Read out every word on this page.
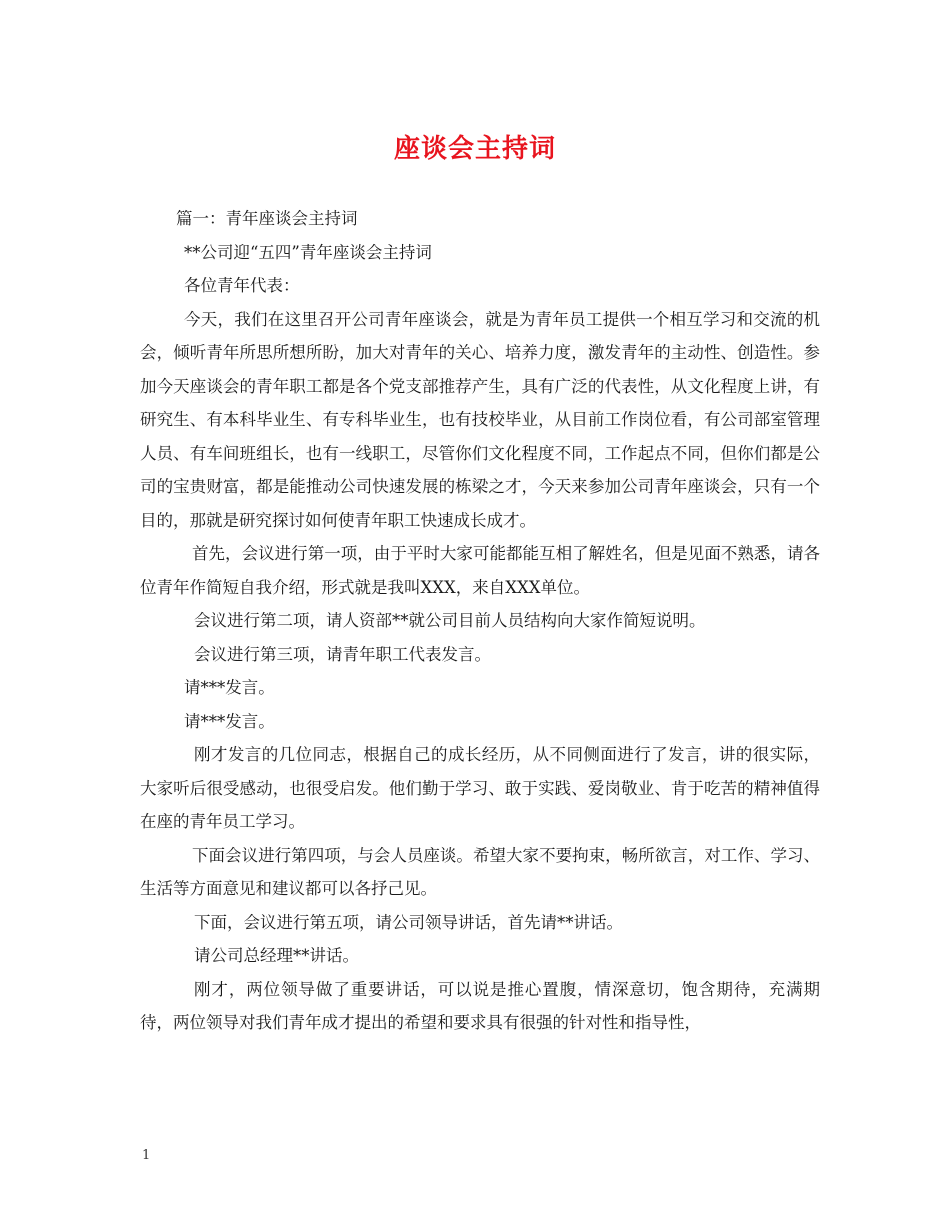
座谈会主持词

篇一：青年座谈会主持词

**公司迎“五四”青年座谈会主持词

各位青年代表：

今天，我们在这里召开公司青年座谈会，就是为青年员工提供一个相互学习和交流的机会，倾听青年所思所想所盼，加大对青年的关心、培养力度，激发青年的主动性、创造性。参加今天座谈会的青年职工都是各个党支部推荐产生，具有广泛的代表性，从文化程度上讲，有研究生、有本科毕业生、有专科毕业生，也有技校毕业，从目前工作岗位看，有公司部室管理人员、有车间班组长，也有一线职工，尽管你们文化程度不同，工作起点不同，但你们都是公司的宝贵财富，都是能推动公司快速发展的栋梁之才，今天来参加公司青年座谈会，只有一个目的，那就是研究探讨如何使青年职工快速成长成才。

首先，会议进行第一项，由于平时大家可能都能互相了解姓名，但是见面不熟悉，请各位青年作简短自我介绍，形式就是我叫XXX，来自XXX单位。

会议进行第二项，请人资部**就公司目前人员结构向大家作简短说明。

会议进行第三项，请青年职工代表发言。

请***发言。

请***发言。

刚才发言的几位同志，根据自己的成长经历，从不同侧面进行了发言，讲的很实际，大家听后很受感动，也很受启发。他们勤于学习、敢于实践、爱岗敬业、肯于吃苦的精神值得在座的青年员工学习。

下面会议进行第四项，与会人员座谈。希望大家不要拘束，畅所欲言，对工作、学习、生活等方面意见和建议都可以各抒己见。

下面，会议进行第五项，请公司领导讲话，首先请**讲话。

请公司总经理**讲话。

刚才，两位领导做了重要讲话，可以说是推心置腹，情深意切，饱含期待，充满期待，两位领导对我们青年成才提出的希望和要求具有很强的针对性和指导性，

1
